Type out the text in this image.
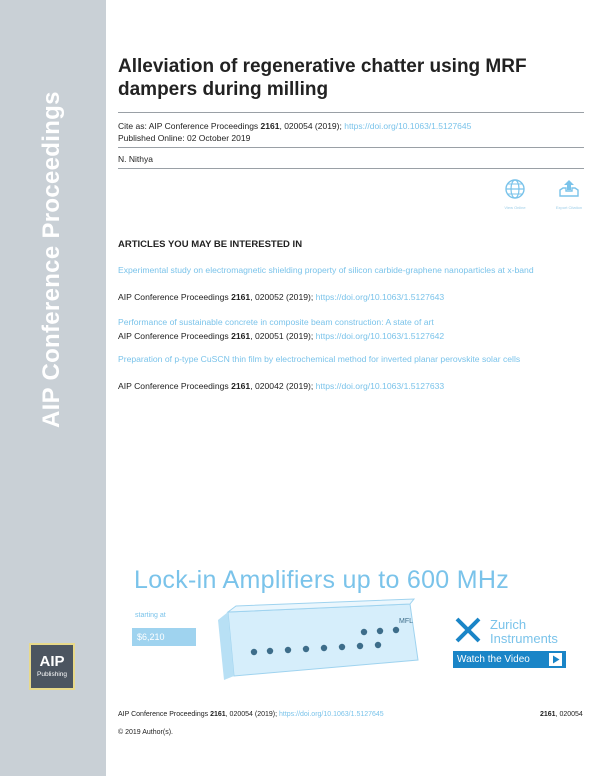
AIP Conference Proceedings
AIP
Publishing
Alleviation of regenerative chatter using MRF dampers during milling
Cite as: AIP Conference Proceedings 2161, 020054 (2019); https://doi.org/10.1063/1.5127645
Published Online: 02 October 2019
N. Nithya
View Online	Export Citation
ARTICLES YOU MAY BE INTERESTED IN
Experimental study on electromagnetic shielding property of silicon carbide-graphene nanoparticles at x-band
AIP Conference Proceedings 2161, 020052 (2019); https://doi.org/10.1063/1.5127643
Performance of sustainable concrete in composite beam construction: A state of art
AIP Conference Proceedings 2161, 020051 (2019); https://doi.org/10.1063/1.5127642
Preparation of p-type CuSCN thin film by electrochemical method for inverted planar perovskite solar cells
AIP Conference Proceedings 2161, 020042 (2019); https://doi.org/10.1063/1.5127633
Lock-in Amplifiers up to 600 MHz
starting at
$6,210
MFL	Zurich
Instruments
Watch the Video
AIP Conference Proceedings 2161, 020054 (2019); https://doi.org/10.1063/1.5127645	2161, 020054
© 2019 Author(s).
